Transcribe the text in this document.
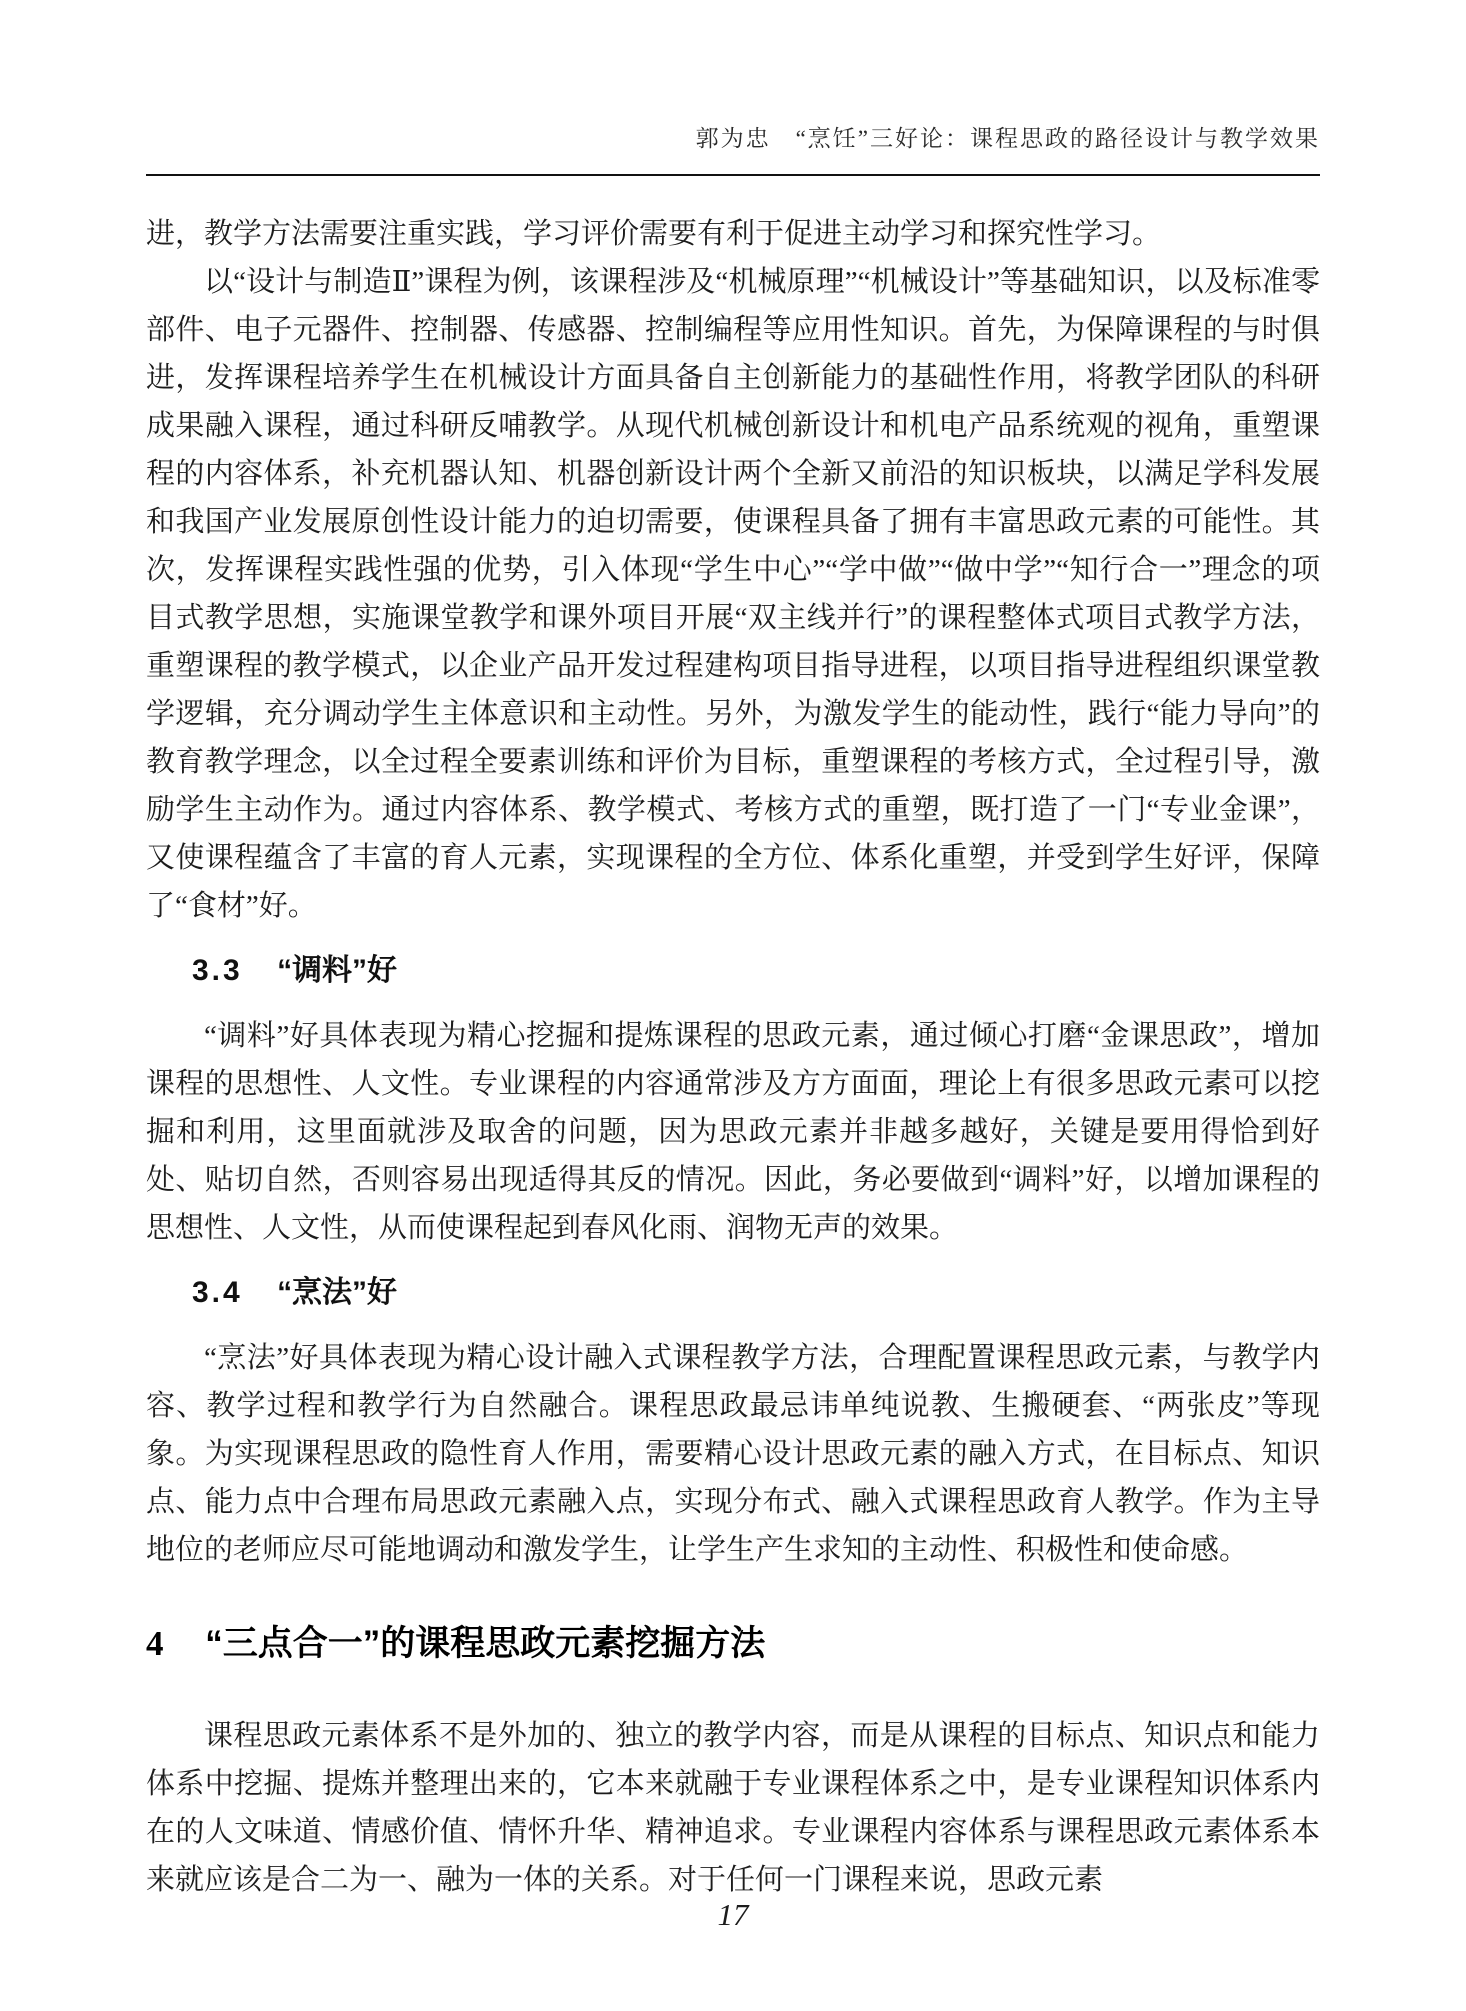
郭为忠　“烹饪”三好论：课程思政的路径设计与教学效果

进，教学方法需要注重实践，学习评价需要有利于促进主动学习和探究性学习。

以“设计与制造Ⅱ”课程为例，该课程涉及“机械原理”“机械设计”等基础知识，以及标准零部件、电子元器件、控制器、传感器、控制编程等应用性知识。首先，为保障课程的与时俱进，发挥课程培养学生在机械设计方面具备自主创新能力的基础性作用，将教学团队的科研成果融入课程，通过科研反哺教学。从现代机械创新设计和机电产品系统观的视角，重塑课程的内容体系，补充机器认知、机器创新设计两个全新又前沿的知识板块，以满足学科发展和我国产业发展原创性设计能力的迫切需要，使课程具备了拥有丰富思政元素的可能性。其次，发挥课程实践性强的优势，引入体现“学生中心”“学中做”“做中学”“知行合一”理念的项目式教学思想，实施课堂教学和课外项目开展“双主线并行”的课程整体式项目式教学方法，重塑课程的教学模式，以企业产品开发过程建构项目指导进程，以项目指导进程组织课堂教学逻辑，充分调动学生主体意识和主动性。另外，为激发学生的能动性，践行“能力导向”的教育教学理念，以全过程全要素训练和评价为目标，重塑课程的考核方式，全过程引导，激励学生主动作为。通过内容体系、教学模式、考核方式的重塑，既打造了一门“专业金课”，又使课程蕴含了丰富的育人元素，实现课程的全方位、体系化重塑，并受到学生好评，保障了“食材”好。

3.3 “调料”好

“调料”好具体表现为精心挖掘和提炼课程的思政元素，通过倾心打磨“金课思政”，增加课程的思想性、人文性。专业课程的内容通常涉及方方面面，理论上有很多思政元素可以挖掘和利用，这里面就涉及取舍的问题，因为思政元素并非越多越好，关键是要用得恰到好处、贴切自然，否则容易出现适得其反的情况。因此，务必要做到“调料”好，以增加课程的思想性、人文性，从而使课程起到春风化雨、润物无声的效果。

3.4 “烹法”好

“烹法”好具体表现为精心设计融入式课程教学方法，合理配置课程思政元素，与教学内容、教学过程和教学行为自然融合。课程思政最忌讳单纯说教、生搬硬套、“两张皮”等现象。为实现课程思政的隐性育人作用，需要精心设计思政元素的融入方式，在目标点、知识点、能力点中合理布局思政元素融入点，实现分布式、融入式课程思政育人教学。作为主导地位的老师应尽可能地调动和激发学生，让学生产生求知的主动性、积极性和使命感。

4 “三点合一”的课程思政元素挖掘方法

课程思政元素体系不是外加的、独立的教学内容，而是从课程的目标点、知识点和能力体系中挖掘、提炼并整理出来的，它本来就融于专业课程体系之中，是专业课程知识体系内在的人文味道、情感价值、情怀升华、精神追求。专业课程内容体系与课程思政元素体系本来就应该是合二为一、融为一体的关系。对于任何一门课程来说，思政元素

17
